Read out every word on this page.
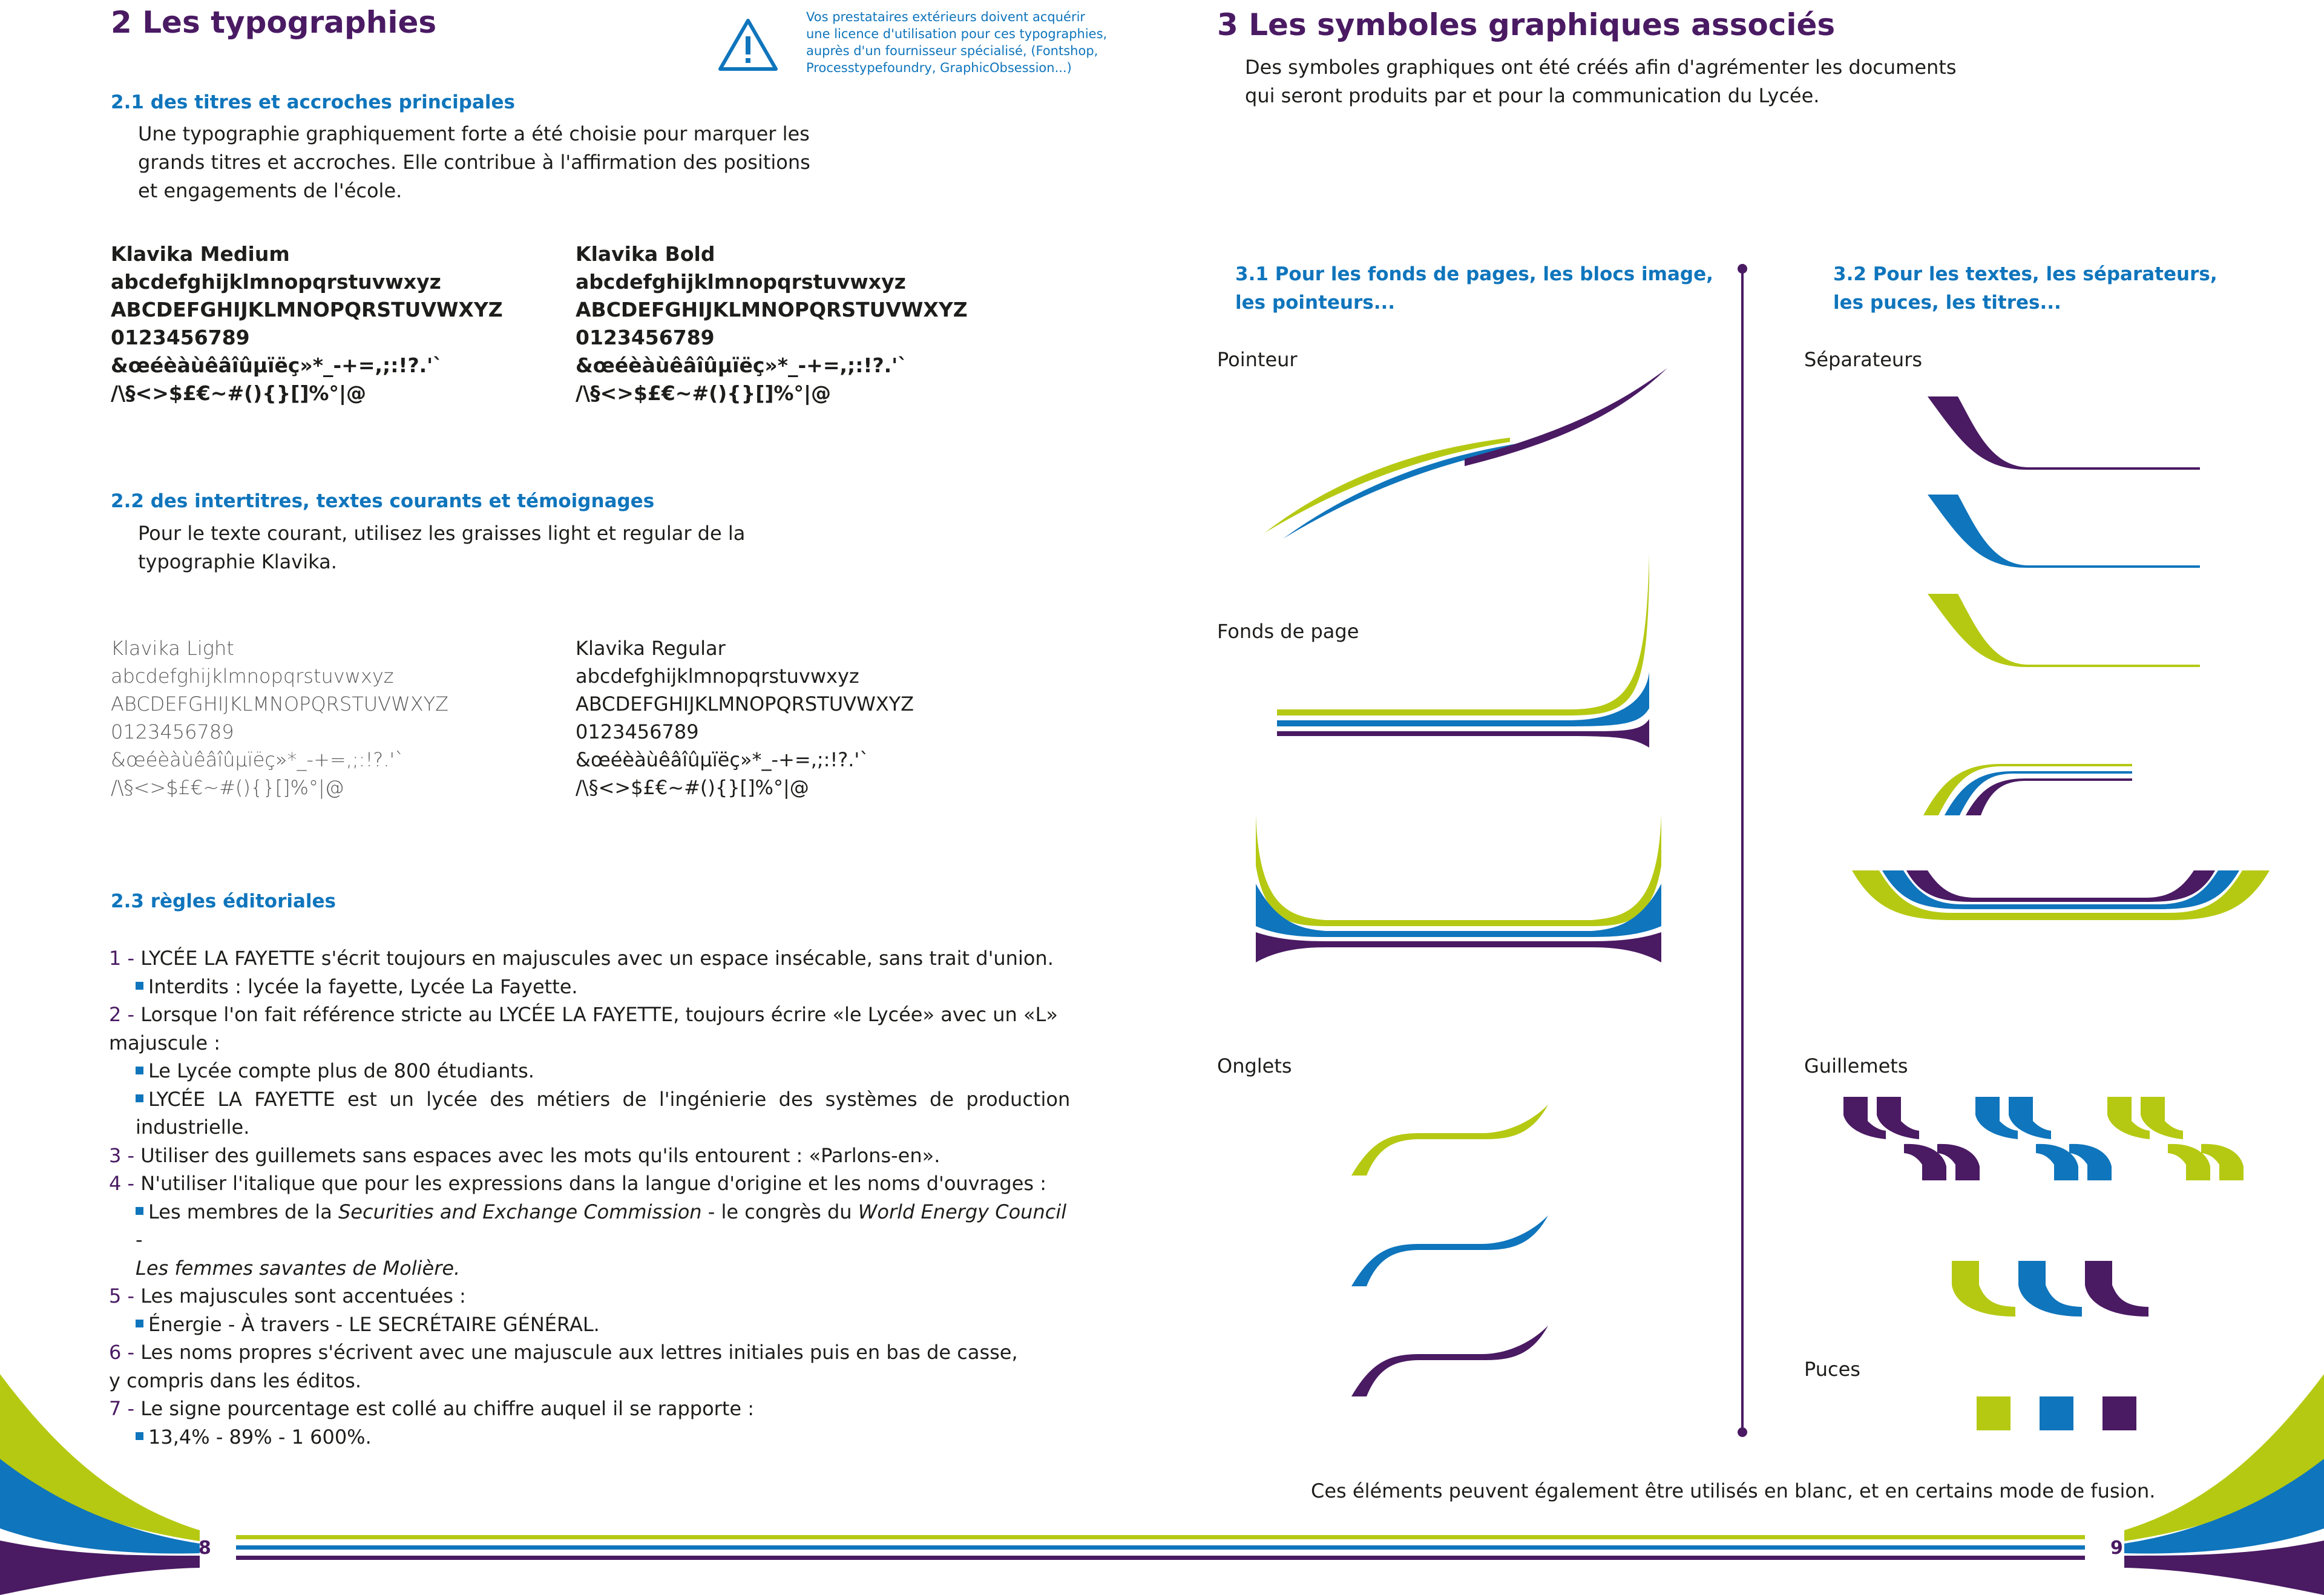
8	9
2 Les typographies	Vos prestataires extérieurs doivent acquérir
une licence d'utilisation pour ces typographies,
auprès d'un fournisseur spécialisé, (Fontshop,
Processtypefoundry, GraphicObsession...)
2.1 des titres et accroches principales
Une typographie graphiquement forte a été choisie pour marquer les
grands titres et accroches. Elle contribue à l'affirmation des positions
et engagements de l'école.
Klavika Medium
abcdefghijklmnopqrstuvwxyz
ABCDEFGHIJKLMNOPQRSTUVWXYZ
0123456789
&œéèàùêâîûµïëç»*_-+=,;:!?.'`
/\§<>$£€~#(){}[]%°|@
Klavika Bold
abcdefghijklmnopqrstuvwxyz
ABCDEFGHIJKLMNOPQRSTUVWXYZ
0123456789
&œéèàùêâîûµïëç»*_-+=,;:!?.'`
/\§<>$£€~#(){}[]%°|@
2.2 des intertitres, textes courants et témoignages
Pour le texte courant, utilisez les graisses light et regular de la
typographie Klavika.
Klavika Light
abcdefghijklmnopqrstuvwxyz
ABCDEFGHIJKLMNOPQRSTUVWXYZ
0123456789
&œéèàùêâîûµïëç»*_-+=,;:!?.'`
/\§<>$£€~#(){}[]%°|@
Klavika Regular
abcdefghijklmnopqrstuvwxyz
ABCDEFGHIJKLMNOPQRSTUVWXYZ
0123456789
&œéèàùêâîûµïëç»*_-+=,;:!?.'`
/\§<>$£€~#(){}[]%°|@
2.3 règles éditoriales
1 - LYCÉE LA FAYETTE s'écrit toujours en majuscules avec un espace insécable, sans trait d'union.
Interdits : lycée la fayette, Lycée La Fayette.
2 - Lorsque l'on fait référence stricte au LYCÉE LA FAYETTE, toujours écrire «le Lycée» avec un «L»
majuscule :
Le Lycée compte plus de 800 étudiants.
LYCÉE  LA  FAYETTE  est  un  lycée  des  métiers  de  l'ingénierie  des  systèmes  de  production
industrielle.
3 - Utiliser des guillemets sans espaces avec les mots qu'ils entourent : «Parlons-en».
4 - N'utiliser l'italique que pour les expressions dans la langue d'origine et les noms d'ouvrages :
Les membres de la Securities and Exchange Commission - le congrès du World Energy Council -
Les femmes savantes de Molière.
5 - Les majuscules sont accentuées :
Énergie - À travers - LE SECRÉTAIRE GÉNÉRAL.
6 - Les noms propres s'écrivent avec une majuscule aux lettres initiales puis en bas de casse,
y compris dans les éditos.
7 - Le signe pourcentage est collé au chiffre auquel il se rapporte :
13,4% - 89% - 1 600%.
3 Les symboles graphiques associés
Des symboles graphiques ont été créés afin d'agrémenter les documents
qui seront produits par et pour la communication du Lycée.
3.1 Pour les fonds de pages, les blocs image,
les pointeurs...
3.2 Pour les textes, les séparateurs,
les puces, les titres...
Pointeur
Fonds de page
Onglets
Séparateurs
Guillemets
Puces
Ces éléments peuvent également être utilisés en blanc, et en certains mode de fusion.
